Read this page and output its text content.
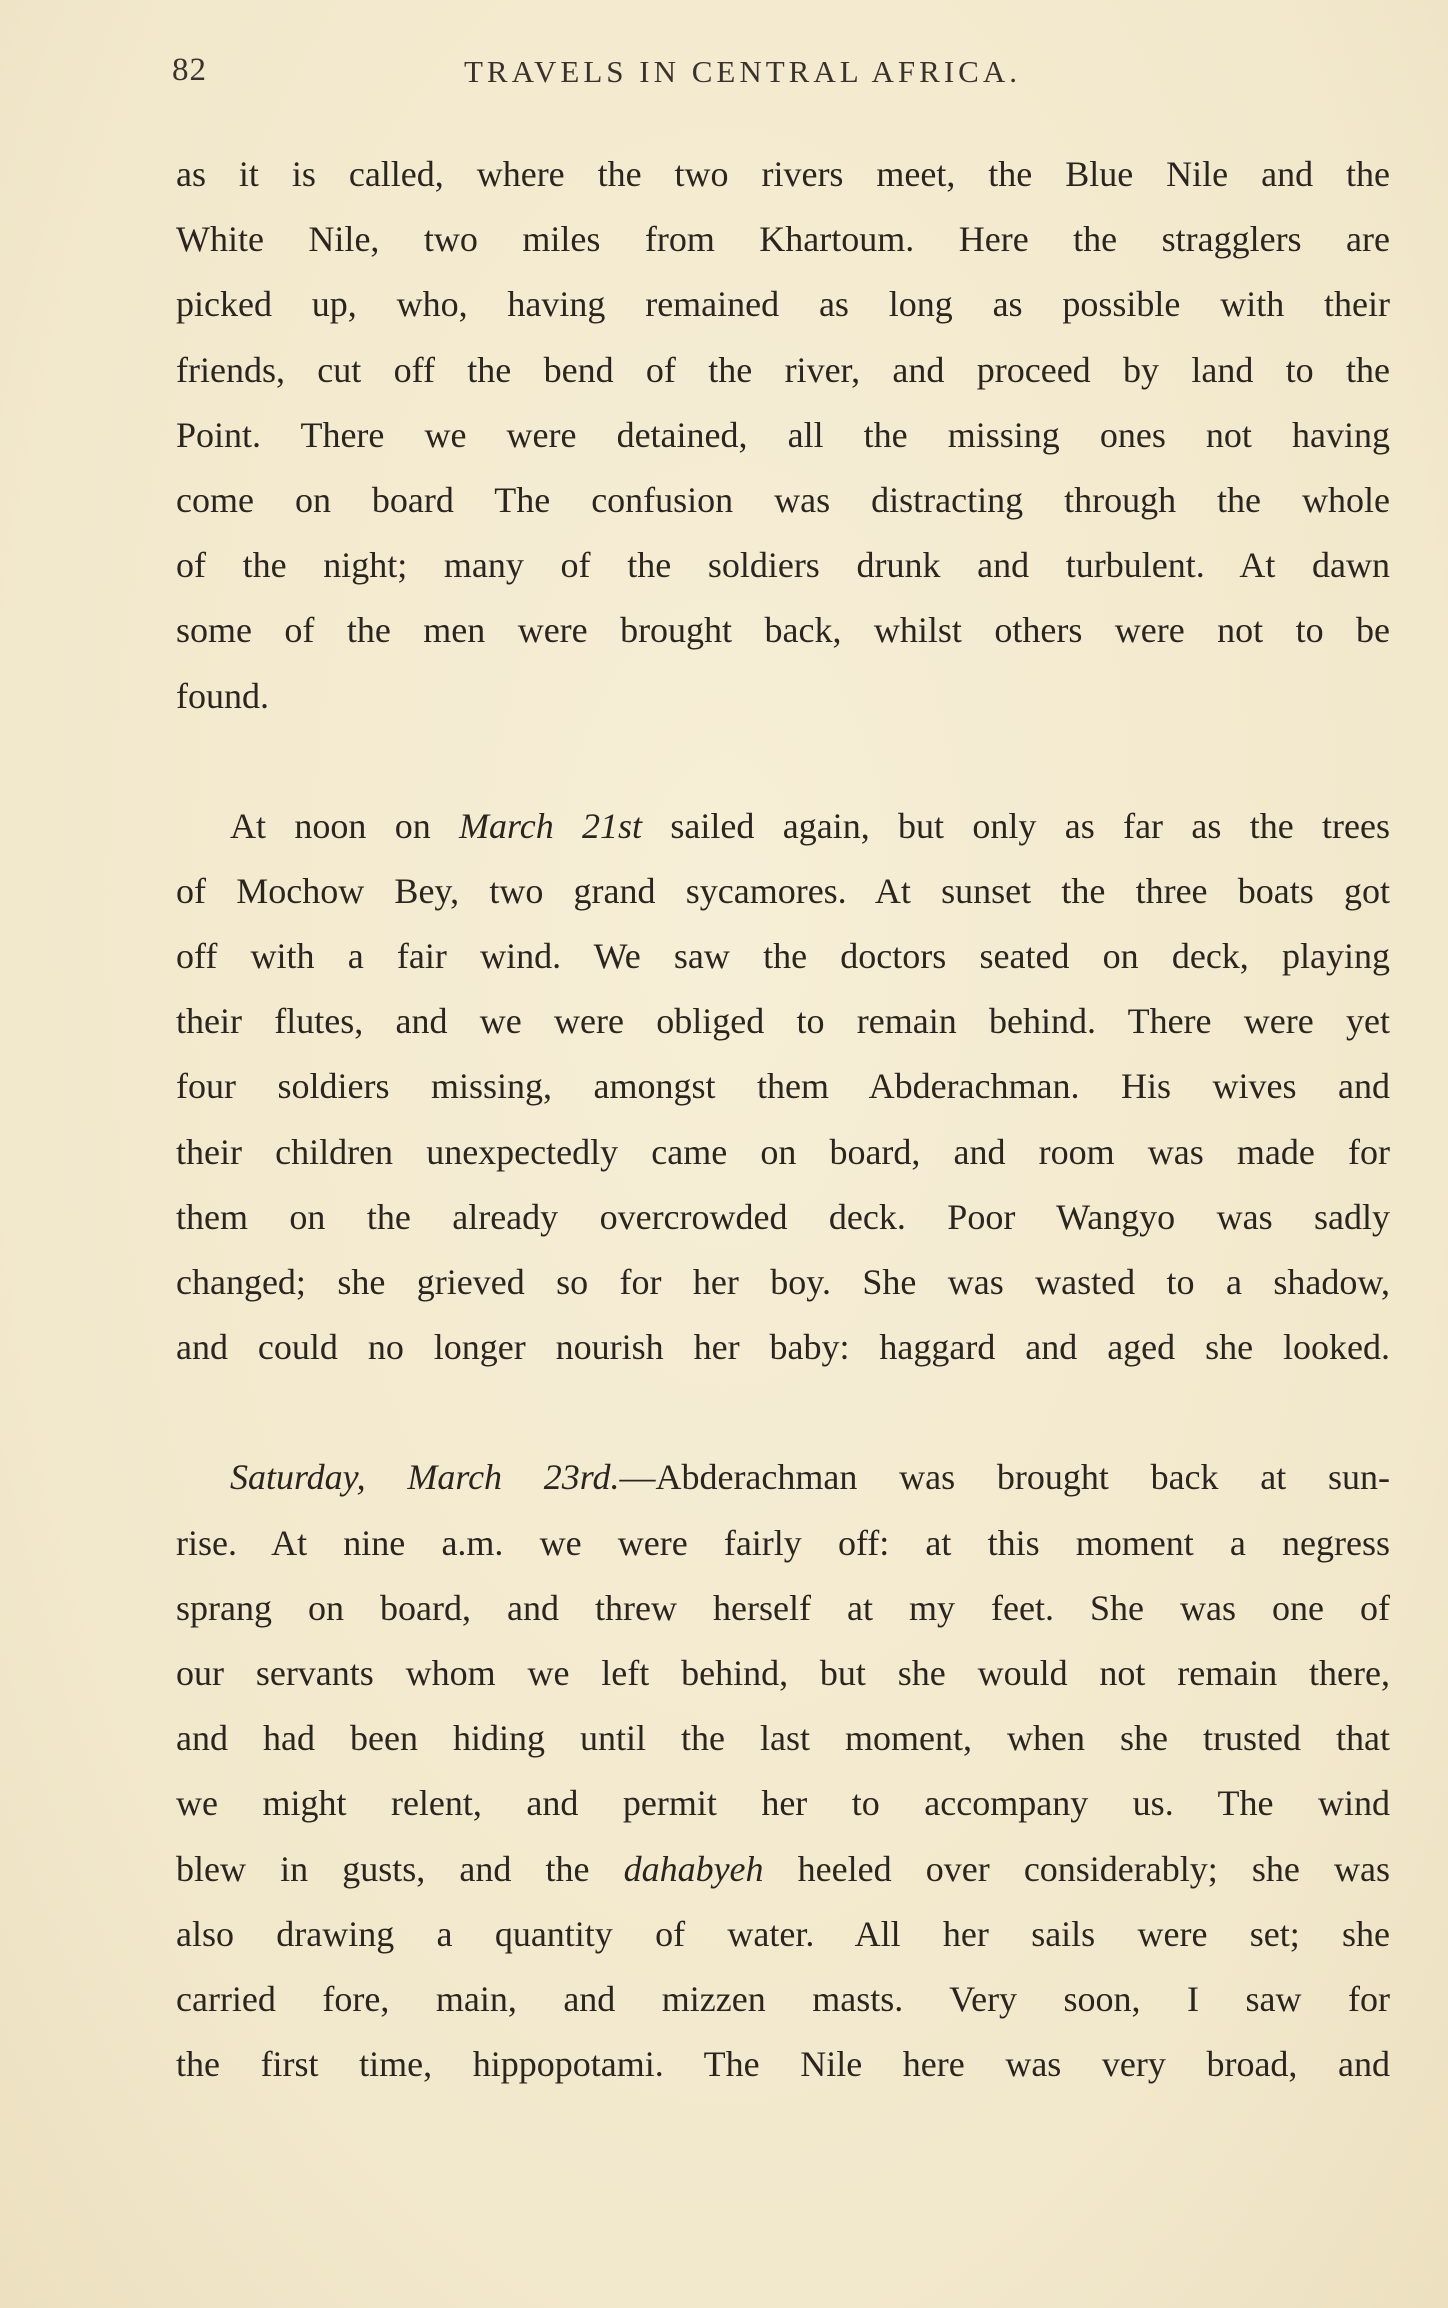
82	TRAVELS IN CENTRAL AFRICA.
as it is called, where the two rivers meet, the Blue Nile and the
White Nile, two miles from Khartoum. Here the stragglers are
picked up, who, having remained as long as possible with their
friends, cut off the bend of the river, and proceed by land to the
Point. There we were detained, all the missing ones not having
come on board The confusion was distracting through the whole
of the night; many of the soldiers drunk and turbulent. At dawn
some of the men were brought back, whilst others were not to be
found.
At noon on March 21st sailed again, but only as far as the trees
of Mochow Bey, two grand sycamores. At sunset the three boats got
off with a fair wind. We saw the doctors seated on deck, playing
their flutes, and we were obliged to remain behind. There were yet
four soldiers missing, amongst them Abderachman. His wives and
their children unexpectedly came on board, and room was made for
them on the already overcrowded deck. Poor Wangyo was sadly
changed; she grieved so for her boy. She was wasted to a shadow,
and could no longer nourish her baby: haggard and aged she looked.
Saturday, March 23rd.—Abderachman was brought back at sun-
rise. At nine a.m. we were fairly off: at this moment a negress
sprang on board, and threw herself at my feet. She was one of
our servants whom we left behind, but she would not remain there,
and had been hiding until the last moment, when she trusted that
we might relent, and permit her to accompany us. The wind
blew in gusts, and the dahabyeh heeled over considerably; she was
also drawing a quantity of water. All her sails were set; she
carried fore, main, and mizzen masts. Very soon, I saw for
the first time, hippopotami. The Nile here was very broad, and
